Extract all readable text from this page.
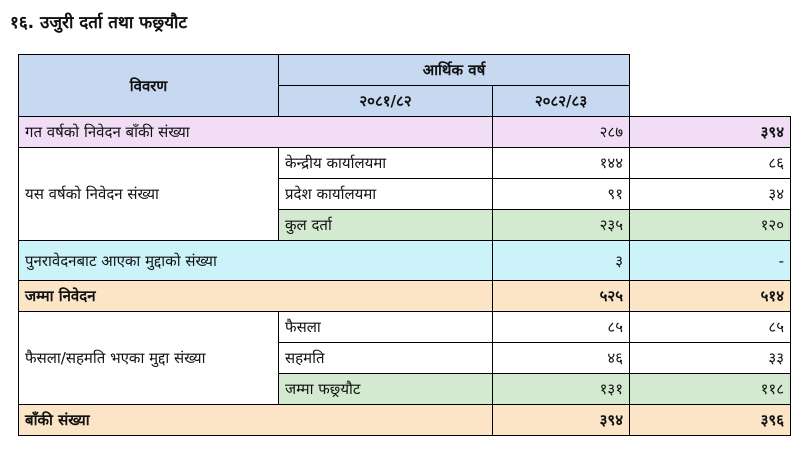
१६. उजुरी दर्ता तथा फछ्र्यौट
विवरण	आर्थिक वर्ष		
	२०८१/८२	२०८२/८३	
गत वर्षको निवेदन बाँकी संख्या		२८७	३९४
यस वर्षको निवेदन संख्या	केन्द्रीय कार्यालयमा	१४४	८६
	प्रदेश कार्यालयमा	९१	३४
	कुल दर्ता	२३५	१२०
पुनरावेदनबाट आएका मुद्दाको संख्या		३	-
जम्मा निवेदन		५२५	५१४
फैसला/सहमति भएका मुद्दा संख्या	फैसला	८५	८५
	सहमति	४६	३३
	जम्मा फछ्र्यौट	१३१	११८
बाँकी संख्या		३९४	३९६
